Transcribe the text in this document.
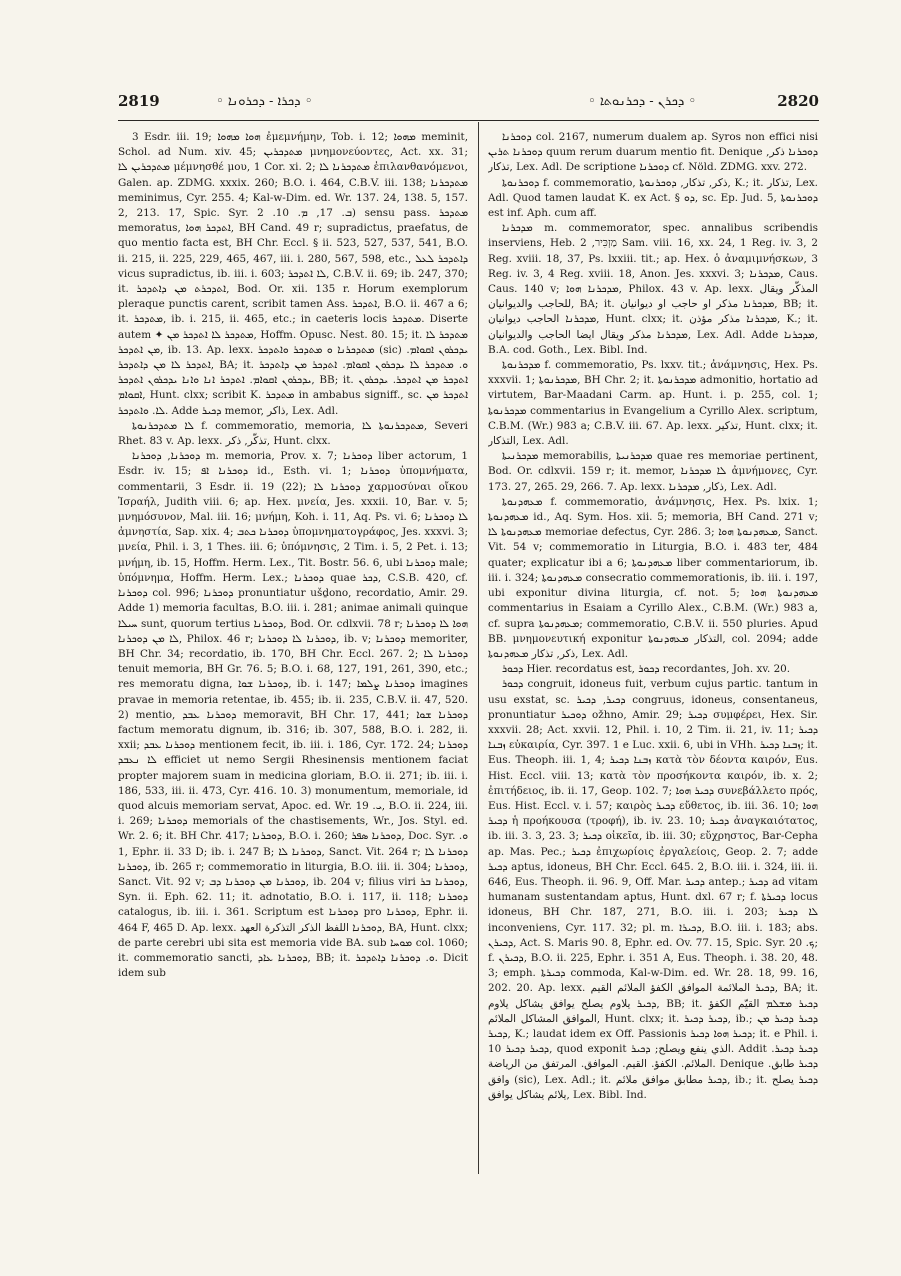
2819	◦ ܕܟܪܐ - ܕܟܪܘܢܐ ◦	◦ ܕܟܪܢ - ܕܟܪܢܘܬܐ ◦	2820

3 Esdr. iii. 19; ܗܘܐ ܡܗܘܐ ἐμεμνήμην, Tob. i. 12; ܡܗܘܐ meminit, Schol. ad Num. xiv. 45; ܡܬܕܟܪܝܢ μνημονεύοντες, Act. xx. 31; ܡܬܕܟܪܝܢ ܠܐ μέμνησθέ μου, 1 Cor. xi. 2; ܡܬܕܟܪܢܐ ܠܐ ἐπιλανθανόμενοι, Galen. ap. ZDMG. xxxix. 260; B.O. i. 464, C.B.V. iii. 138; ܡܬܕܟܪܢܐ meminimus, Cyr. 255. 4; Kal-w-Dim. ed. Wr. 137. 24, 138. 5, 157. 2, 213. 17, Spic. Syr. ܒ. 17, ܡ. 10. 2) sensu pass. ܡܬܕܟܪ memoratus, ܐܬܕܟܪ ܗܘܐ, BH Cand. 49 r; supradictus, praefatus, de quo mentio facta est, BH Chr. Eccl. § ii. 523, 527, 537, 541, B.O. ii. 215, ii. 225, 229, 465, 467, iii. i. 280, 567, 598, etc., ܕܐܬܕܟܪ ܠܥܠ vicus supradictus, ib. iii. i. 603; ܠܐ ܐܬܕܟܪ, C.B.V. ii. 69; ib. 247, 370; it. ܐܬܕܟܪܬ ܡܢ ܕܐܬܕܟܪ, Bod. Or. xii. 135 r. Horum exemplorum pleraque punctis carent, scribit tamen Ass. ܐܬܕܟܪ, B.O. ii. 467 a 6; it. ܡܬܕܟܪ, ib. i. 215, ii. 465, etc.; in caeteris locis ܡܬܕܟܪ. Diserte autem ✦ ܡܬܕܟܪ ܠܐ ܐܬܕܟܪ ܡܢ, Hoffm. Opusc. Nest. 80. 15; it. ܡܬܕܟܪ ܠܐ ܡܢ ܐܬܕܟܪ, ib. 13. Ap. lexx. ܡܬܕܟܪܢܐ ܘ ܡܬܕܟܪ ܘܐܬܕܟܪ (sic) ܝܕܟܪܘܢ ܐܩܘܐܡ. ܐܬܕܟܪ ܠܐ ܡܢ ܕܐܬܕܟܪ, BA; it. ܘ. ܡܬܕܟܪ ܠܐ ܝܕܟܪܘܢ ܐܩܘܐܡ. ܐܬܕܟܪ ܡܢ ܕܐܬܕܟܪ ܝܕܟܪܘܢ ܐܩܘܐܡ. ܐܬܕܟܪ ܐܢܐ ܘܐܢܐ ܝܕܟܪܘܢ ܐܬܕܟܪ, BB; it. ܐܬܕܟܪ ܡܢ ܐܬܕܟܪ. ܝܕܟܪܘܢ ܐܩܘܐܡ, Hunt. clxx; scribit K. ܡܬܕܟܪ in ambabus signiff., sc. ܐܬܕܟܪ ܡܢ ܠܐ. ܘܐܬܕܟܪ. Adde ܕܟܝܪ memor, ذاكر, Lex. Adl.

ܠܐ ܡܬܕܟܪܢܘܬܐ f. commemoratio, memoria, ܡܬܕܟܪܢܘܬܐ ܠܐ, Severi Rhet. 83 v. Ap. lexx. تذكّر, ذكر, Hunt. clxx.

ܕܘܟܪܢܐ, ܕܘܟܪܢܐ m. memoria, Prov. x. 7; ܕܘܟܪܢܐ liber actorum, 1 Esdr. iv. 15; ܕܘܟܪܢܐ ܐܦ id., Esth. vi. 1; ܕܘܟܪܢܐ ὑπομνήματα, commentarii, 3 Esdr. ii. 19 (22); ܕܘܟܪܢܐ ܠܐ χαρμοσύναι οἴκου Ἰσραήλ, Judith viii. 6; ap. Hex. μνεία, Jes. xxxii. 10, Bar. v. 5; μνημόσυνον, Mal. iii. 16; μνήμη, Koh. i. 11, Aq. Ps. vi. 6; ܠܐ ܕܘܟܪܢܐ ἀμνηστία, Sap. xix. 4; ܕܘܟܪܢܐ ܟܬܒ ὑπομνηματογράφος, Jes. xxxvi. 3; μνεία, Phil. i. 3, 1 Thes. iii. 6; ὑπόμνησις, 2 Tim. i. 5, 2 Pet. i. 13; μνήμη, ib. 15, Hoffm. Herm. Lex., Tit. Bostr. 56. 6, ubi ܕܘܟܪܢܐ male; ὑπόμνημα, Hoffm. Herm. Lex.; ܕܘܟܪܢܐ quae ܕܟܪ, C.S.B. 420, cf. ܕܘܟܪܢܐ col. 996; ܕܘܟܪܢܐ pronuntiatur ušḏono, recordatio, Amir. 29. Adde 1) memoria facultas, B.O. iii. i. 281; animae animali quinque ܚܝܠܐ sunt, quorum tertius ܕܘܟܪܢܐ, Bod. Or. cdlxvii. 78 r; ܗܘܐ ܠܐ ܕܘܟܪܢܐ ܠܐ ܡܢ ܕܘܟܪܢܐ, Philox. 46 r; ܕܘܟܪܢܐ ܠܐ ܕܘܟܪܢܐ, ib. v; ܕܘܟܪܢܐ memoriter, BH Chr. 34; recordatio, ib. 170, BH Chr. Eccl. 267. 2; ܕܘܟܪܢܐ ܠܐ tenuit memoria, BH Gr. 76. 5; B.O. i. 68, 127, 191, 261, 390, etc.; res memoratu digna, ܕܘܟܪܢܐ ܫܘܐ, ib. i. 147; ܕܘܟܪܢܐ ܨܠܡܐ imagines pravae in memoria retentae, ib. 455; ib. ii. 235, C.B.V. ii. 47, 520. 2) mentio, ܕܘܟܪܢܐ ܥܒܕ memoravit, BH Chr. 17, 441; ܕܘܟܪܢܐ ܫܘܐ factum memoratu dignum, ib. 316; ib. 307, 588, B.O. i. 282, ii. xxii; ܕܘܟܪܢܐ ܥܒܕ mentionem fecit, ib. iii. i. 186, Cyr. 172. 24; ܕܘܟܪܢܐ ܠܐ ܢܥܒܕ efficiet ut nemo Sergii Rhesinensis mentionem faciat propter majorem suam in medicina gloriam, B.O. ii. 271; ib. iii. i. 186, 533, iii. ii. 473, Cyr. 416. 10. 3) monumentum, memoriale, id quod alcuis memoriam servat, Apoc. ed. Wr. ܝ. 19, B.O. ii. 224, iii. i. 269; ܕܘܟܪܢܐ memorials of the chastisements, Wr., Jos. Styl. ed. Wr. 2. 6; it. BH Chr. 417; ܕܘܟܪܢܐ, B.O. i. 260; ܕܘܟܪܢܐ ܣܦܪ, Doc. Syr. ܘ. 1, Ephr. ii. 33 D; ib. i. 247 B; ܕܘܟܪܢܐ ܠܐ, Sanct. Vit. 264 r; ܕܘܟܪܢܐ ܠܐ ܕܘܟܪܢܐ, ib. 265 r; commemoratio in liturgia, B.O. iii. ii. 304; ܕܘܟܪܢܐ, Sanct. Vit. 92 v; ܕܘܟܪܢܐ ܡܢ ܕܘܟܪܢܐ ܕܒ, ib. 204 v; filius viri ܕܘܟܪܢܐ ܒܪ, Syn. ii. Eph. 62. 11; it. adnotatio, B.O. i. 117, ii. 118; ܕܘܟܪܢܐ catalogus, ib. iii. i. 361. Scriptum est ܕܘܟܪܢܐ pro ܕܘܟܪܢܐ, Ephr. ii. 464 F, 465 D. Ap. lexx. ܕܘܟܪܢܐ اللفظ الذكر التذكرة العهد, BA, Hunt. clxx; de parte cerebri ubi sita est memoria vide BA. sub ܡܘܚܐ col. 1060; it. commemoratio sancti, ܕܘܟܪܢܐ ܥܐܕ, BB; it. ܘ. ܕܘܟܪܢܐ ܕܐܬܕܟܪ. Dicit idem sub

ܕܘܟܪܢܐ col. 2167, numerum dualem ap. Syros non effici nisi ܕܘܟܪܢܐ ܬܪܝܢ quum rerum duarum mentio fit. Denique ܕܘܟܪܢܐ ذكر, تذكار, Lex. Adl. De scriptione ܕܘܟܪܢܐ cf. Nöld. ZDMG. xxv. 272.

ܕܘܟܪܢܘܬܐ f. commemoratio, ذكر, تذكار, ܕܘܟܪܢܘܬܐ, K.; it. تذكار, Lex. Adl. Quod tamen laudat K. ex Act. § ܕܘ, sc. Ep. Jud. 5, ܕܘܟܪܢܘܬܐ est inf. Aph. cum aff.

ܡܕܟܪܢܐ m. commemorator, spec. annalibus scribendis inserviens, Heb. מַזְכִּיר, 2 Sam. viii. 16, xx. 24, 1 Reg. iv. 3, 2 Reg. xviii. 18, 37, Ps. lxxiii. tit.; ap. Hex. ὁ ἀναμιμνήσκων, 3 Reg. iv. 3, 4 Reg. xviii. 18, Anon. Jes. xxxvi. 3; ܡܕܟܪܢܐ, Caus. Caus. 140 v; ܡܕܟܪܢܐ ܗܘܐ, Philox. 43 v. Ap. lexx. المذكّر ويقال للحاجب والديوانيان, BA; it. ܡܕܟܪܢܐ مذكر او حاجب او ديوانيان, BB; it. ܡܕܟܪܢܐ الحاجب ديوانيان, Hunt. clxx; it. ܡܕܟܪܢܐ مذكر مؤذن, K.; it. ܡܕܟܪܢܐ مذكر ويقال ايضا الحاجب والديوانيان, Lex. Adl. Adde ܡܕܟܪܢܐ, B.A. cod. Goth., Lex. Bibl. Ind.

ܡܕܟܪܢܘܬܐ f. commemoratio, Ps. lxxv. tit.; ἀνάμνησις, Hex. Ps. xxxvii. 1; ܡܕܟܪܢܘܬܐ, BH Chr. 2; it. ܡܕܟܪܢܘܬܐ admonitio, hortatio ad virtutem, Bar-Maadani Carm. ap. Hunt. i. p. 255, col. 1; ܡܕܟܪܢܘܬܐ commentarius in Evangelium a Cyrillo Alex. scriptum, C.B.M. (Wr.) 983 a; C.B.V. iii. 67. Ap. lexx. تذكير, Hunt. clxx; it. التذكار, Lex. Adl.

ܡܕܟܪܢܝܬܐ memorabilis, ܡܕܟܪܢܝܬܐ quae res memoriae pertinent, Bod. Or. cdlxvii. 159 r; it. memor, ܠܐ ܡܕܟܪܢܐ ἀμνήμονες, Cyr. 173. 27, 265. 29, 266. 7. Ap. lexx. ذكار, ܡܕܟܪܢܐ, Lex. Adl.

ܡܥܗܕܢܘܬܐ f. commemoratio, ἀνάμνησις, Hex. Ps. lxix. 1; ܡܥܗܕܢܘܬܐ id., Aq. Sym. Hos. xii. 5; memoria, BH Cand. 271 v; ܡܥܗܕܢܘܬܐ ܠܐ memoriae defectus, Cyr. 286. 3; ܡܥܗܕܢܘܬܐ ܗܘܐ, Sanct. Vit. 54 v; commemoratio in Liturgia, B.O. i. 483 ter, 484 quater; explicatur ibi a 6; ܡܥܗܕܢܘܬܐ liber commentariorum, ib. iii. i. 324; ܡܥܗܕܢܘܬܐ consecratio commemorationis, ib. iii. i. 197, ubi exponitur divina liturgia, cf. not. 5; ܡܥܗܕܢܘܬܐ ܗܘܐ commentarius in Esaiam a Cyrillo Alex., C.B.M. (Wr.) 983 a, cf. supra ܡܥܗܕܢܘܬܐ; commemoratio, C.B.V. ii. 550 pluries. Apud BB. μνημονευτική exponitur التذكار ܡܥܗܕܢܘܬܐ, col. 2094; adde ذكر, تذكار ܡܥܗܕܢܘܬܐ, Lex. Adl.

ܕܟܘܪ Hier. recordatus est, ܕܟܘܪ recordantes, Joh. xv. 20.

ܕܟܘܪ congruit, idoneus fuit, verbum cujus partic. tantum in usu exstat, sc. ܕܟܝܪ, ܕܟܝܪ congruus, idoneus, consentaneus, pronuntiatur ܕܘܟܝܪ ožhno, Amir. 29; ܕܟܝܪ συμφέρει, Hex. Sir. xxxvii. 28; Act. xxvii. 12, Phil. i. 10, 2 Tim. ii. 21, iv. 11; ܕܟܝܪ ܙܒܢܐ εὐκαιρία, Cyr. 397. 1 e Luc. xxii. 6, ubi in VHh. ܙܒܢܐ ܕܟܝܪ; it. Eus. Theoph. iii. 1, 4; ܙܒܢܐ ܕܟܝܪ κατὰ τὸν δέοντα καιρόν, Eus. Hist. Eccl. viii. 13; κατὰ τὸν προσήκοντα καιρόν, ib. x. 2; ἐπιτήδειος, ib. ii. 17, Geop. 102. 7; ܕܟܝܪ ܗܘܐ συνεβάλλετο πρός, Eus. Hist. Eccl. v. i. 57; καιρὸς ܕܟܝܪ εὔθετος, ib. iii. 36. 10; ܗܘܐ ܕܟܝܪ ἡ προήκουσα (τροφή), ib. iv. 23. 10; ܕܟܝܪ ἀναγκαιότατος, ib. iii. 3. 3, 23. 3; ܕܟܝܪ οἰκεῖα, ib. iii. 30; εὔχρηστος, Bar-Cepha ap. Mas. Pec.; ܕܟܝܪ ἐπιχωρίοις ἐργαλείοις, Geop. 2. 7; adde ܕܟܝܪ aptus, idoneus, BH Chr. Eccl. 645. 2, B.O. iii. i. 324, iii. ii. 646, Eus. Theoph. ii. 96. 9, Off. Mar. ܕܟܝܪ antep.; ܕܟܝܪ ad vitam humanam sustentandam aptus, Hunt. dxl. 67 r; f. ܕܟܝܪܬܐ locus idoneus, BH Chr. 187, 271, B.O. iii. i. 203; ܠܐ ܕܟܝܪ inconveniens, Cyr. 117. 32; pl. m. ܕܟܝܪܐ, B.O. iii. i. 183; abs. ܕܟܝܪܢ, Act. S. Maris 90. 8, Ephr. ed. Ov. 77. 15, Spic. Syr. ܟ. 20; f. ܕܟܝܪܢ, B.O. ii. 225, Ephr. i. 351 A, Eus. Theoph. i. 38. 20, 48. 3; emph. ܕܟܝܪܬܐ commoda, Kal-w-Dim. ed. Wr. 28. 18, 99. 16, 202. 20. Ap. lexx. ܕܟܝܪ الملائمة الموافق الكفؤ الملائم القيم, BA; it. ܕܟܝܪ يلاوم يصلح يوافق يشاكل يلاوم, BB; it. ܕܟܝܪ ܡܫܠܡ القيّم الكفؤ الموافق المشاكل الملائم, Hunt. clxx; it. ܕܟܝܪ ܕܟܝܪ, ib.; ܕܟܝܪ ܕܟܝܪ ܡܢ ܕܟܝܪ, K.; laudat idem ex Off. Passionis ܕܟܝܪ ܗܘܐ ܕܟܝܪ; it. e Phil. i. 10 ܕܟܝܪ ܕܟܝܪ, quod exponit الذي ينفع ويصلح; ܕܟܝܪ. Addit ܕܟܝܪ ܕܟܝܪ. الملائم. الكفؤ. القيم. الموافق. المرتفق من الرياضة. Denique ܕܟܝܪ طابق. وافق (sic), Lex. Adl.; it. ܕܟܝܪ مطابق موافق ملائم, ib.; it. ܕܟܝܪ يصلح يلائم يشاكل يوافق, Lex. Bibl. Ind.
